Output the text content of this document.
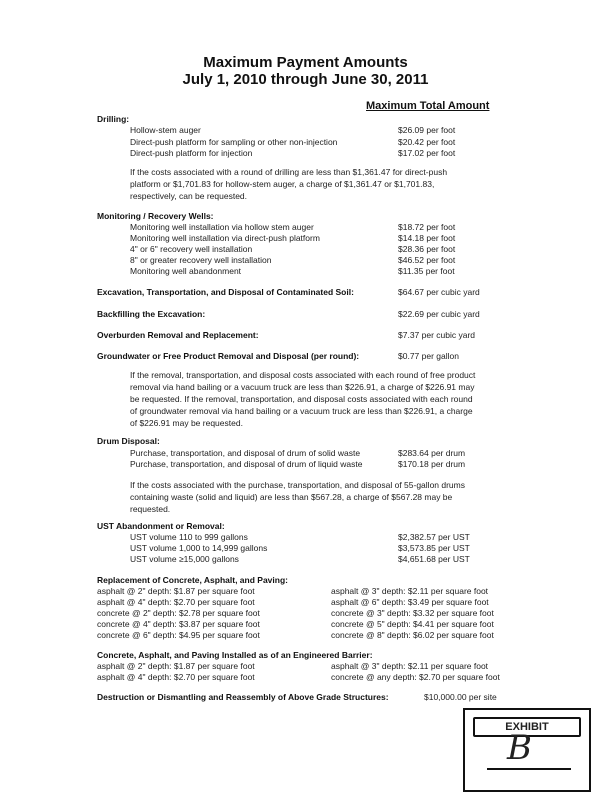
Maximum Payment Amounts
July 1, 2010 through June 30, 2011
Maximum Total Amount
Drilling:
Hollow-stem auger	$26.09 per foot
Direct-push platform for sampling or other non-injection	$20.42 per foot
Direct-push platform for injection	$17.02 per foot
If the costs associated with a round of drilling are less than $1,361.47 for direct-push platform or $1,701.83 for hollow-stem auger, a charge of $1,361.47 or $1,701.83, respectively, can be requested.
Monitoring / Recovery Wells:
Monitoring well installation via hollow stem auger	$18.72 per foot
Monitoring well installation via direct-push platform	$14.18 per foot
4" or 6" recovery well installation	$28.36 per foot
8" or greater recovery well installation	$46.52 per foot
Monitoring well abandonment	$11.35 per foot
Excavation, Transportation, and Disposal of Contaminated Soil:	$64.67 per cubic yard
Backfilling the Excavation:	$22.69 per cubic yard
Overburden Removal and Replacement:	$7.37 per cubic yard
Groundwater or Free Product Removal and Disposal (per round):	$0.77 per gallon
If the removal, transportation, and disposal costs associated with each round of free product removal via hand bailing or a vacuum truck are less than $226.91, a charge of $226.91 may be requested. If the removal, transportation, and disposal costs associated with each round of groundwater removal via hand bailing or a vacuum truck are less than $226.91, a charge of $226.91 may be requested.
Drum Disposal:
Purchase, transportation, and disposal of drum of solid waste	$283.64 per drum
Purchase, transportation, and disposal of drum of liquid waste	$170.18 per drum
If the costs associated with the purchase, transportation, and disposal of 55-gallon drums containing waste (solid and liquid) are less than $567.28, a charge of $567.28 may be requested.
UST Abandonment or Removal:
UST volume 110 to 999 gallons	$2,382.57 per UST
UST volume 1,000 to 14,999 gallons	$3,573.85 per UST
UST volume ≥15,000 gallons	$4,651.68 per UST
Replacement of Concrete, Asphalt, and Paving:
asphalt @ 2" depth: $1.87 per square foot	asphalt @ 3" depth: $2.11 per square foot
asphalt @ 4" depth: $2.70 per square foot	asphalt @ 6" depth: $3.49 per square foot
concrete @ 2" depth: $2.78 per square foot	concrete @ 3" depth: $3.32 per square foot
concrete @ 4" depth: $3.87 per square foot	concrete @ 5" depth: $4.41 per square foot
concrete @ 6" depth: $4.95 per square foot	concrete @ 8" depth: $6.02 per square foot
Concrete, Asphalt, and Paving Installed as of an Engineered Barrier:
asphalt @ 2" depth: $1.87 per square foot	asphalt @ 3" depth: $2.11 per square foot
asphalt @ 4" depth: $2.70 per square foot	concrete @ any depth: $2.70 per square foot
Destruction or Dismantling and Reassembly of Above Grade Structures:	$10,000.00 per site
EXHIBIT
B
